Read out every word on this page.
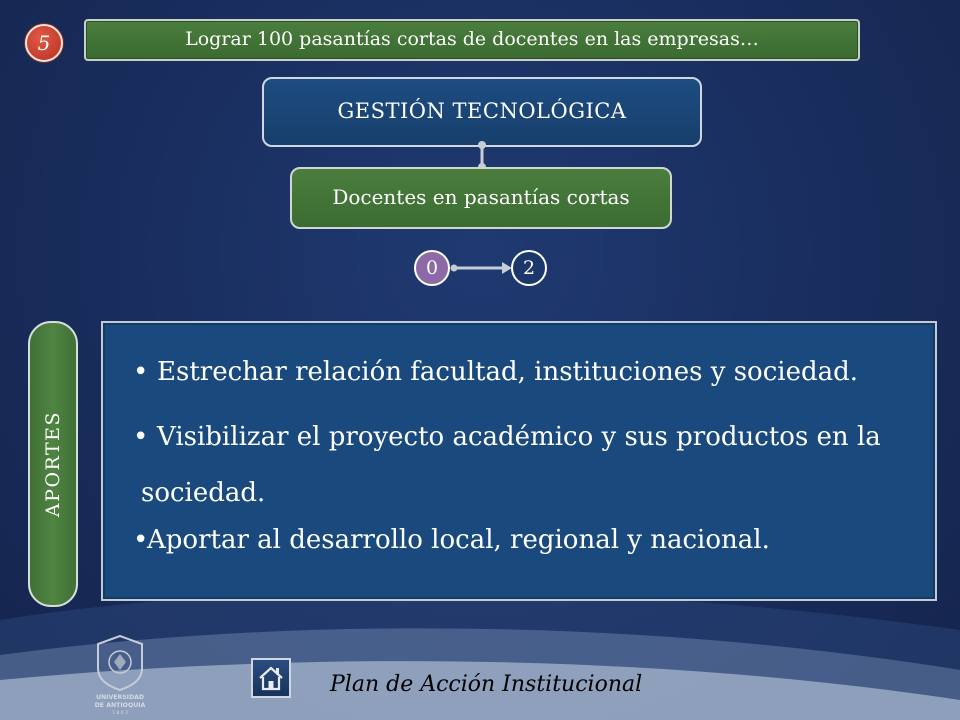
5	Lograr 100 pasantías cortas de docentes en las empresas…
GESTIÓN TECNOLÓGICA
Docentes en pasantías cortas
0	2
APORTES
• Estrechar relación facultad, instituciones y sociedad.
• Visibilizar el proyecto académico y sus productos en la
sociedad.
•Aportar al desarrollo local, regional y nacional.
UNIVERSIDAD
DE ANTIOQUIA
1 8 0 3
Plan de Acción Institucional
